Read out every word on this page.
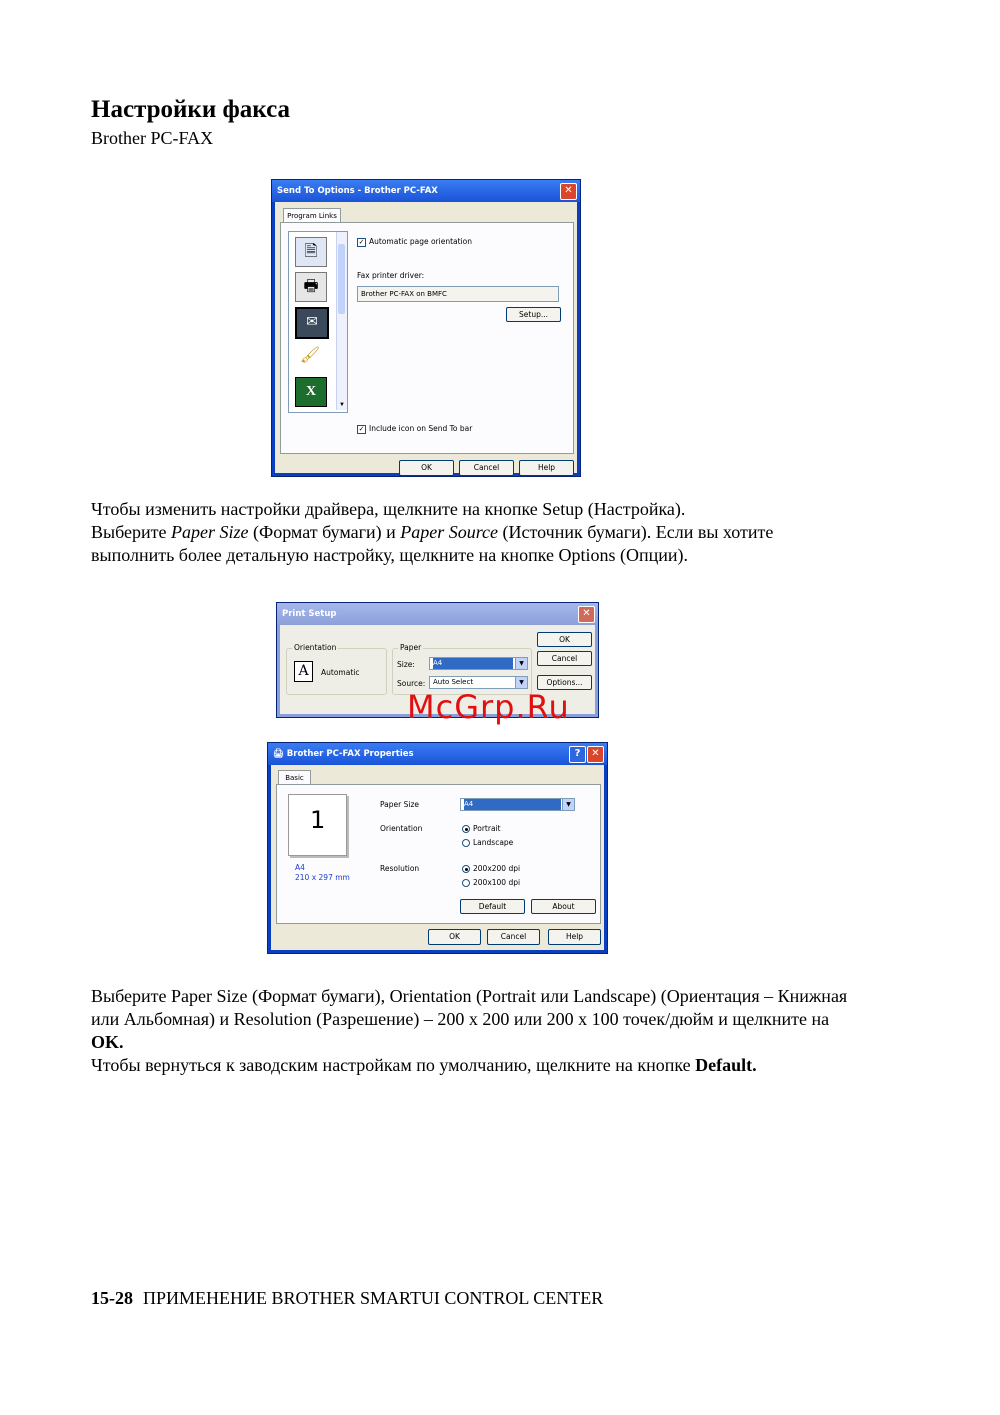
Настройки факса
Brother PC-FAX
Send To Options - Brother PC-FAX	✕
Program Links
🗎
🖶
✉
🖌
X
▼
✓ Automatic page orientation
Fax printer driver:
Brother PC-FAX on BMFC
Setup...
✓ Include icon on Send To bar
OK	Cancel	Help
Чтобы изменить настройки драйвера, щелкните на кнопке Setup (Настройка).
Выберите Paper Size (Формат бумаги) и Paper Source (Источник бумаги). Если вы хотите
выполнить более детальную настройку, щелкните на кнопке Options (Опции).
Print Setup	✕
Orientation
A	Automatic
Paper
Size:	A4	▼
Source:	Auto Select	▼
OK
Cancel
Options...
McGrp.Ru
🖨 Brother PC-FAX Properties	?	✕
Basic
1
A4
210 x 297 mm
Paper Size	A4	▼
Orientation	Portrait
Landscape
Resolution	200x200 dpi
200x100 dpi
Default	About
OK	Cancel	Help
Выберите Paper Size (Формат бумаги), Orientation (Portrait или Landscape) (Ориентация – Книжная
или Альбомная) и Resolution (Разрешение) – 200 x 200 или 200 x 100 точек/дюйм и щелкните на
OK.
Чтобы вернуться к заводским настройкам по умолчанию, щелкните на кнопке Default.
15-28 ПРИМЕНЕНИЕ BROTHER SMARTUI CONTROL CENTER
